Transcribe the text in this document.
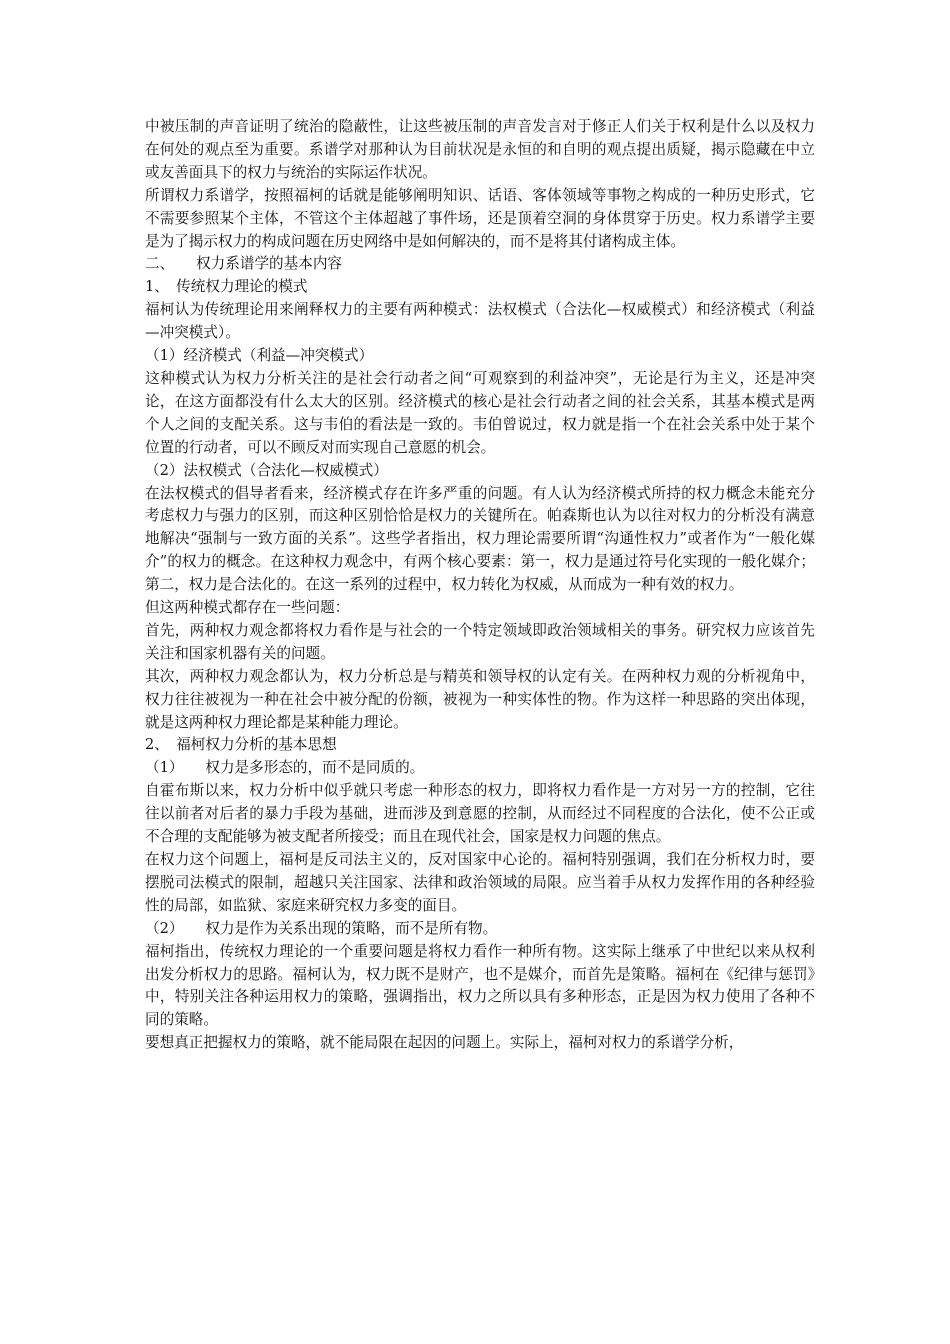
中被压制的声音证明了统治的隐蔽性，让这些被压制的声音发言对于修正人们关于权利是什么以及权力在何处的观点至为重要。系谱学对那种认为目前状况是永恒的和自明的观点提出质疑，揭示隐藏在中立或友善面具下的权力与统治的实际运作状况。

所谓权力系谱学，按照福柯的话就是能够阐明知识、话语、客体领域等事物之构成的一种历史形式，它不需要参照某个主体，不管这个主体超越了事件场，还是顶着空洞的身体贯穿于历史。权力系谱学主要是为了揭示权力的构成问题在历史网络中是如何解决的，而不是将其付诸构成主体。

二、　　权力系谱学的基本内容

1、　传统权力理论的模式

福柯认为传统理论用来阐释权力的主要有两种模式：法权模式（合法化—权威模式）和经济模式（利益—冲突模式）。

（1）经济模式（利益—冲突模式）

这种模式认为权力分析关注的是社会行动者之间“可观察到的利益冲突”，无论是行为主义，还是冲突论，在这方面都没有什么太大的区别。经济模式的核心是社会行动者之间的社会关系，其基本模式是两个人之间的支配关系。这与韦伯的看法是一致的。韦伯曾说过，权力就是指一个在社会关系中处于某个位置的行动者，可以不顾反对而实现自己意愿的机会。

（2）法权模式（合法化—权威模式）

在法权模式的倡导者看来，经济模式存在许多严重的问题。有人认为经济模式所持的权力概念未能充分考虑权力与强力的区别，而这种区别恰恰是权力的关键所在。帕森斯也认为以往对权力的分析没有满意地解决“强制与一致方面的关系”。这些学者指出，权力理论需要所谓“沟通性权力”或者作为“一般化媒介”的权力的概念。在这种权力观念中，有两个核心要素：第一，权力是通过符号化实现的一般化媒介；第二，权力是合法化的。在这一系列的过程中，权力转化为权威，从而成为一种有效的权力。

但这两种模式都存在一些问题：

首先，两种权力观念都将权力看作是与社会的一个特定领域即政治领域相关的事务。研究权力应该首先关注和国家机器有关的问题。

其次，两种权力观念都认为，权力分析总是与精英和领导权的认定有关。在两种权力观的分析视角中，权力往往被视为一种在社会中被分配的份额，被视为一种实体性的物。作为这样一种思路的突出体现，就是这两种权力理论都是某种能力理论。

2、　福柯权力分析的基本思想

（1）　　权力是多形态的，而不是同质的。

自霍布斯以来，权力分析中似乎就只考虑一种形态的权力，即将权力看作是一方对另一方的控制，它往往以前者对后者的暴力手段为基础，进而涉及到意愿的控制，从而经过不同程度的合法化，使不公正或不合理的支配能够为被支配者所接受；而且在现代社会，国家是权力问题的焦点。

在权力这个问题上，福柯是反司法主义的，反对国家中心论的。福柯特别强调，我们在分析权力时，要摆脱司法模式的限制，超越只关注国家、法律和政治领域的局限。应当着手从权力发挥作用的各种经验性的局部，如监狱、家庭来研究权力多变的面目。

（2）　　权力是作为关系出现的策略，而不是所有物。

福柯指出，传统权力理论的一个重要问题是将权力看作一种所有物。这实际上继承了中世纪以来从权利出发分析权力的思路。福柯认为，权力既不是财产，也不是媒介，而首先是策略。福柯在《纪律与惩罚》中，特别关注各种运用权力的策略，强调指出，权力之所以具有多种形态，正是因为权力使用了各种不同的策略。

要想真正把握权力的策略，就不能局限在起因的问题上。实际上，福柯对权力的系谱学分析，
